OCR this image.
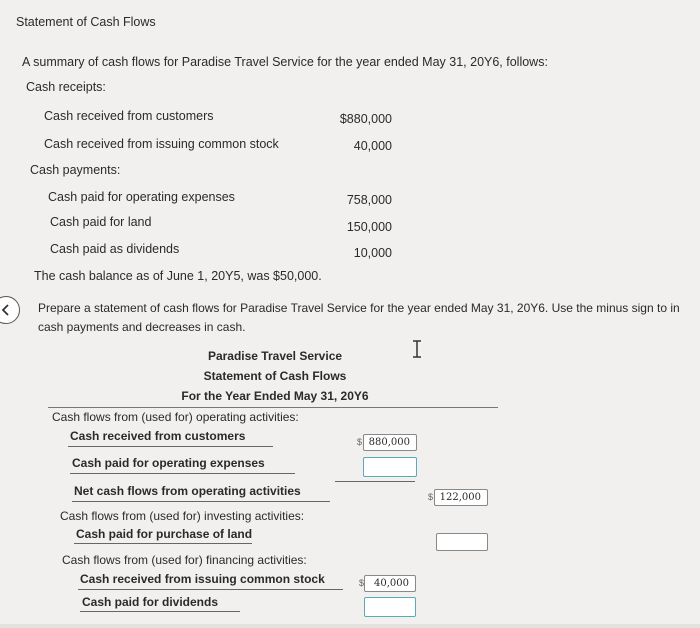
Statement of Cash Flows
A summary of cash flows for Paradise Travel Service for the year ended May 31, 20Y6, follows:
Cash receipts:
Cash received from customers	$880,000
Cash received from issuing common stock	40,000
Cash payments:
Cash paid for operating expenses	758,000
Cash paid for land	150,000
Cash paid as dividends	10,000
The cash balance as of June 1, 20Y5, was $50,000.
Prepare a statement of cash flows for Paradise Travel Service for the year ended May 31, 20Y6. Use the minus sign to in
cash payments and decreases in cash.
Paradise Travel Service
Statement of Cash Flows
For the Year Ended May 31, 20Y6
Cash flows from (used for) operating activities:
Cash received from customers	$ 880,000
Cash paid for operating expenses
Net cash flows from operating activities	$ 122,000
Cash flows from (used for) investing activities:
Cash paid for purchase of land
Cash flows from (used for) financing activities:
Cash received from issuing common stock	$ 40,000
Cash paid for dividends
